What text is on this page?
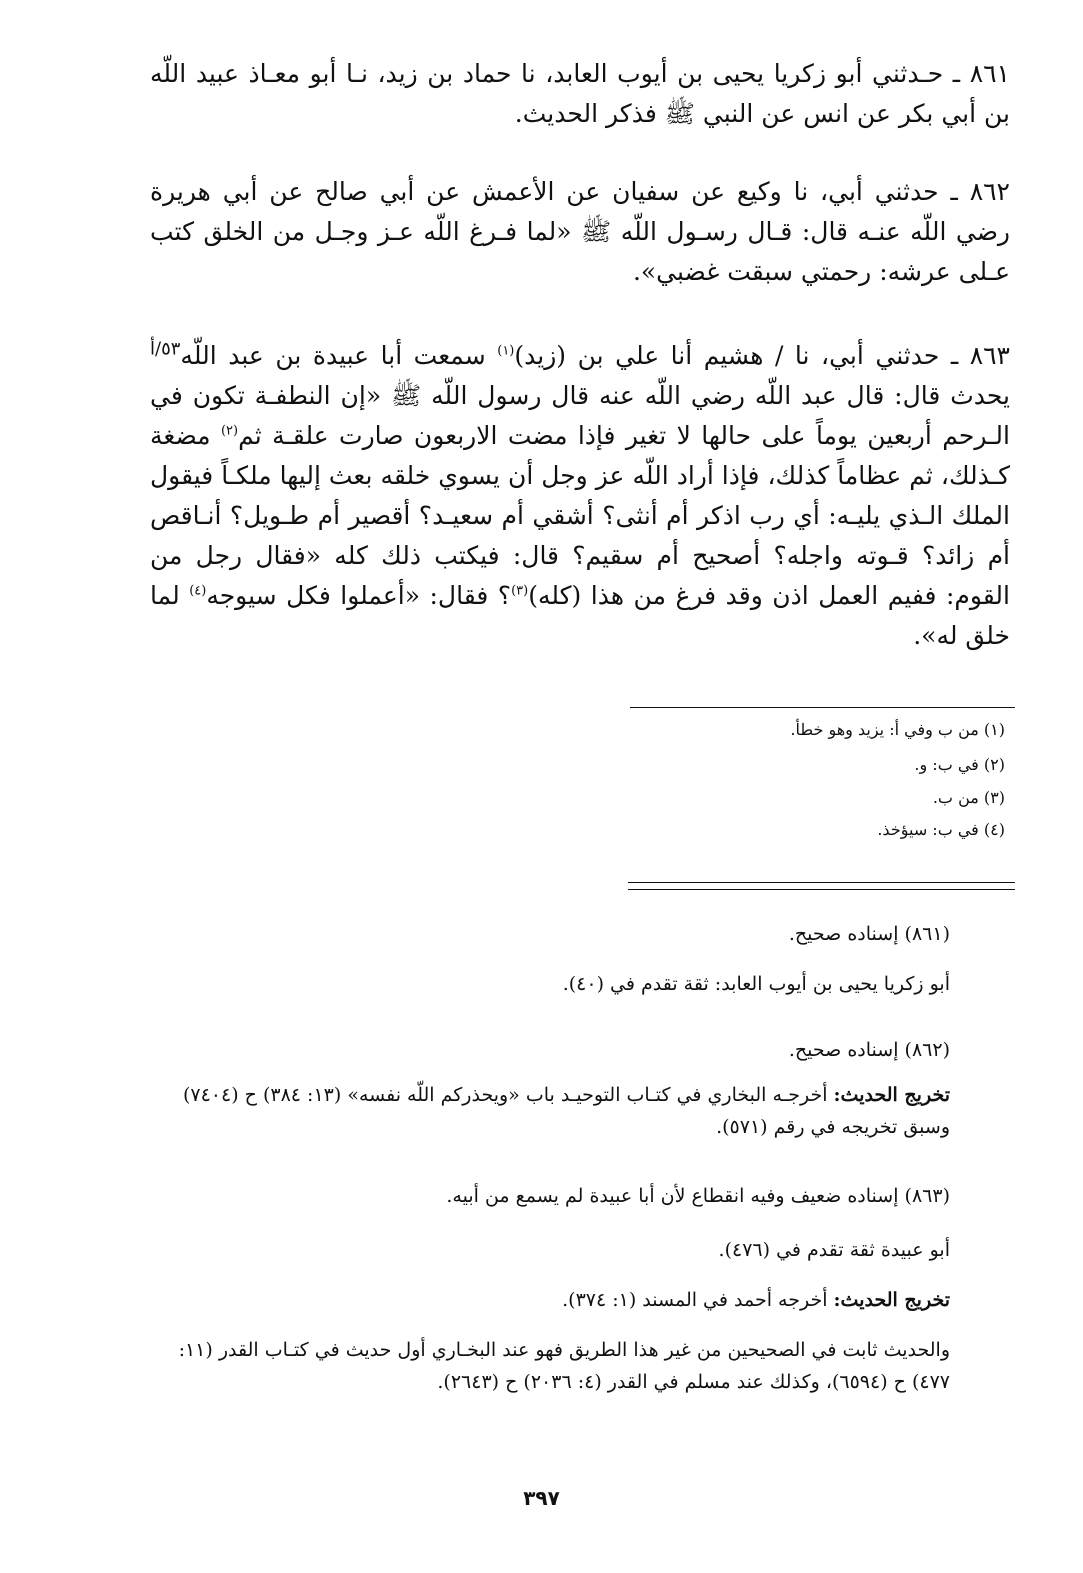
٨٦١ ـ حـدثني أبو زكريا يحيى بن أيوب العابد، نا حماد بن زيد، نـا أبو معـاذ عبيد اللّه بن أبي بكر عن انس عن النبي ﷺ فذكر الحديث.

٨٦٢ ـ حدثني أبي، نا وكيع عن سفيان عن الأعمش عن أبي صالح عن أبي هريرة رضي اللّه عنـه قال: قـال رسـول اللّه ﷺ «لما فـرغ اللّه عـز وجـل من الخلق كتب عـلى عرشه: رحمتي سبقت غضبي».

٨٦٣ ـ حدثني أبي، نا / هشيم أنا علي بن (زيد)$^{(١)}$ سمعت أبا عبيدة بن عبد اللّه$^{٥٣/أ}$ يحدث قال: قال عبد اللّه رضي اللّه عنه قال رسول اللّه ﷺ «إن النطفـة تكون في الـرحم أربعين يوماً على حالها لا تغير فإذا مضت الاربعون صارت علقـة ثم$^{(٢)}$ مضغة كـذلك، ثم عظاماً كذلك، فإذا أراد اللّه عز وجل أن يسوي خلقه بعث إليها ملكـاً فيقول الملك الـذي يليـه: أي رب اذكر أم أنثى؟ أشقي أم سعيـد؟ أقصير أم طـويل؟ أنـاقص أم زائد؟ قـوته واجله؟ أصحيح أم سقيم؟ قال: فيكتب ذلك كله «فقال رجل من القوم: ففيم العمل اذن وقد فرغ من هذا (كله)$^{(٣)}$؟ فقال: «أعملوا فكل سيوجه$^{(٤)}$ لما خلق له».

(١) من ب وفي أ: يزيد وهو خطأ.
(٢) في ب: و.
(٣) من ب.
(٤) في ب: سيؤخذ.

(٨٦١) إسناده صحيح.

أبو زكريا يحيى بن أيوب العابد: ثقة تقدم في (٤٠).

(٨٦٢) إسناده صحيح.

تخريج الحديث: أخرجـه البخاري في كتـاب التوحيـد باب «ويحذركم اللّه نفسه» (١٣: ٣٨٤) ح (٧٤٠٤) وسبق تخريجه في رقم (٥٧١).

(٨٦٣) إسناده ضعيف وفيه انقطاع لأن أبا عبيدة لم يسمع من أبيه.

أبو عبيدة ثقة تقدم في (٤٧٦).

تخريج الحديث: أخرجه أحمد في المسند (١: ٣٧٤).

والحديث ثابت في الصحيحين من غير هذا الطريق فهو عند البخـاري أول حديث في كتـاب القدر (١١: ٤٧٧) ح (٦٥٩٤)، وكذلك عند مسلم في القدر (٤: ٢٠٣٦) ح (٢٦٤٣).

٣٩٧
